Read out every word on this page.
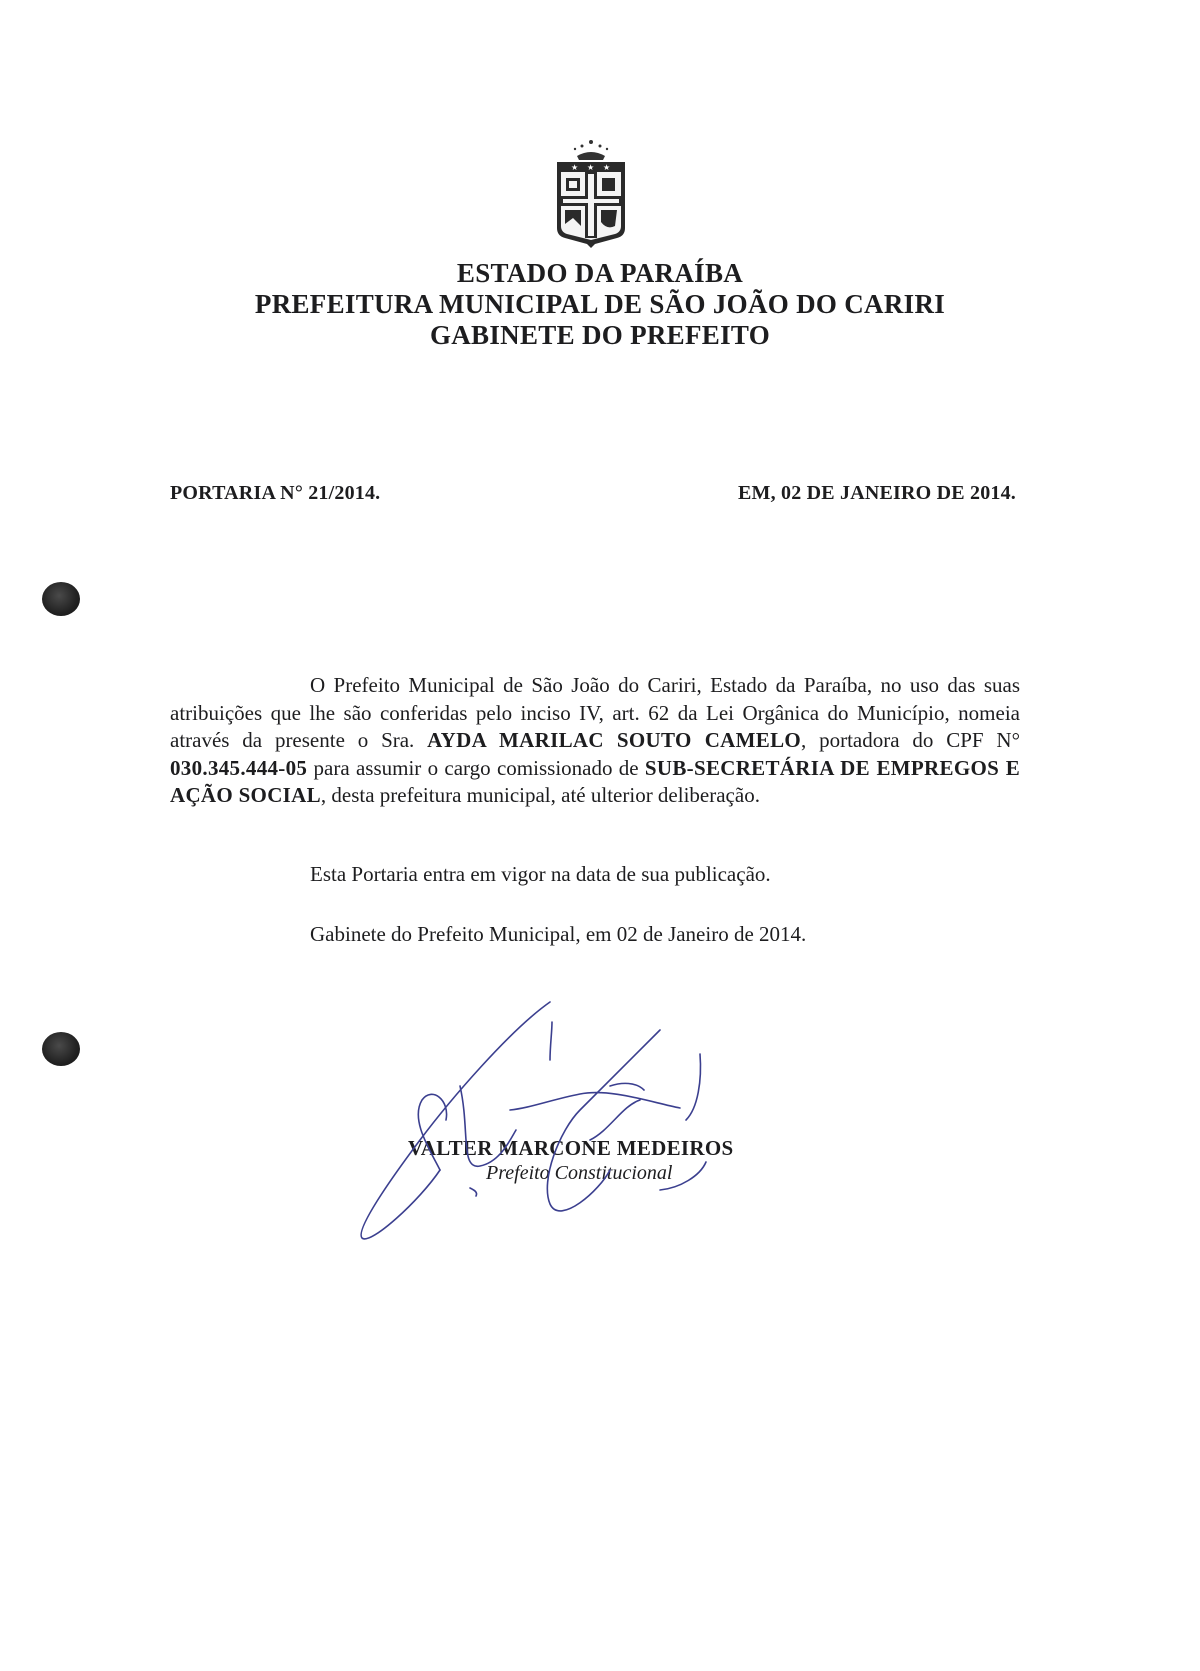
★ ★ ★
ESTADO DA PARAÍBA
PREFEITURA MUNICIPAL DE SÃO JOÃO DO CARIRI
GABINETE DO PREFEITO
PORTARIA N° 21/2014.	EM, 02 DE JANEIRO DE 2014.
O Prefeito Municipal de São João do Cariri, Estado da Paraíba, no uso das suas atribuições que lhe são conferidas pelo inciso IV, art. 62 da Lei Orgânica do Município, nomeia através da presente o Sra. AYDA MARILAC SOUTO CAMELO, portadora do CPF N° 030.345.444-05 para assumir o cargo comissionado de SUB-SECRETÁRIA DE EMPREGOS E AÇÃO SOCIAL, desta prefeitura municipal, até ulterior deliberação.
Esta Portaria entra em vigor na data de sua publicação.
Gabinete do Prefeito Municipal, em 02 de Janeiro de 2014.
VALTER MARCONE MEDEIROS
Prefeito Constitucional
